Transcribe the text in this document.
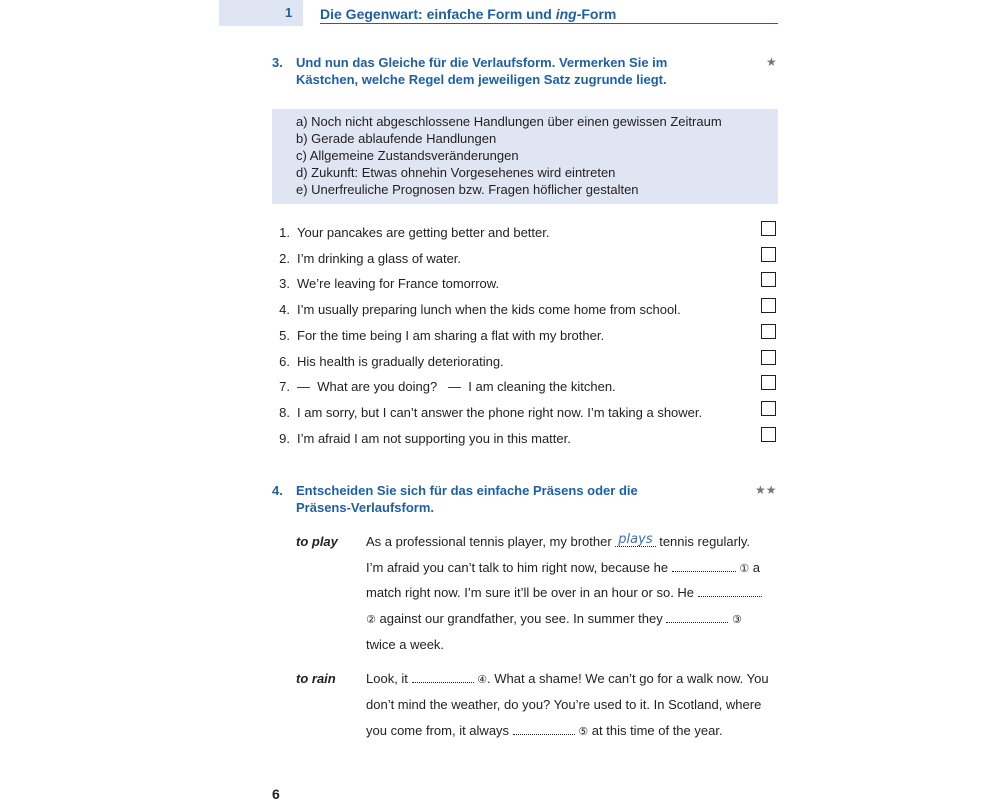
1 Die Gegenwart: einfache Form und ing-Form
3. Und nun das Gleiche für die Verlaufsform. Vermerken Sie im
Kästchen, welche Regel dem jeweiligen Satz zugrunde liegt.
★
a) Noch nicht abgeschlossene Handlungen über einen gewissen Zeitraum
b) Gerade ablaufende Handlungen
c) Allgemeine Zustandsveränderungen
d) Zukunft: Etwas ohnehin Vorgesehenes wird eintreten
e) Unerfreuliche Prognosen bzw. Fragen höflicher gestalten
1. Your pancakes are getting better and better.
2. I’m drinking a glass of water.
3. We’re leaving for France tomorrow.
4. I’m usually preparing lunch when the kids come home from school.
5. For the time being I am sharing a flat with my brother.
6. His health is gradually deteriorating.
7. —  What are you doing?   —  I am cleaning the kitchen.
8. I am sorry, but I can’t answer the phone right now. I’m taking a shower.
9. I’m afraid I am not supporting you in this matter.
4. Entscheiden Sie sich für das einfache Präsens oder die
Präsens-Verlaufsform.
★★
to play As a professional tennis player, my brother plays tennis regularly.
I’m afraid you can’t talk to him right now, because he	① a
match right now. I’m sure it’ll be over in an hour or so. He
② against our grandfather, you see. In summer they	③
twice a week.
to rain Look, it	④. What a shame! We can’t go for a walk now. You
don’t mind the weather, do you? You’re used to it. In Scotland, where
you come from, it always	⑤ at this time of the year.
6
